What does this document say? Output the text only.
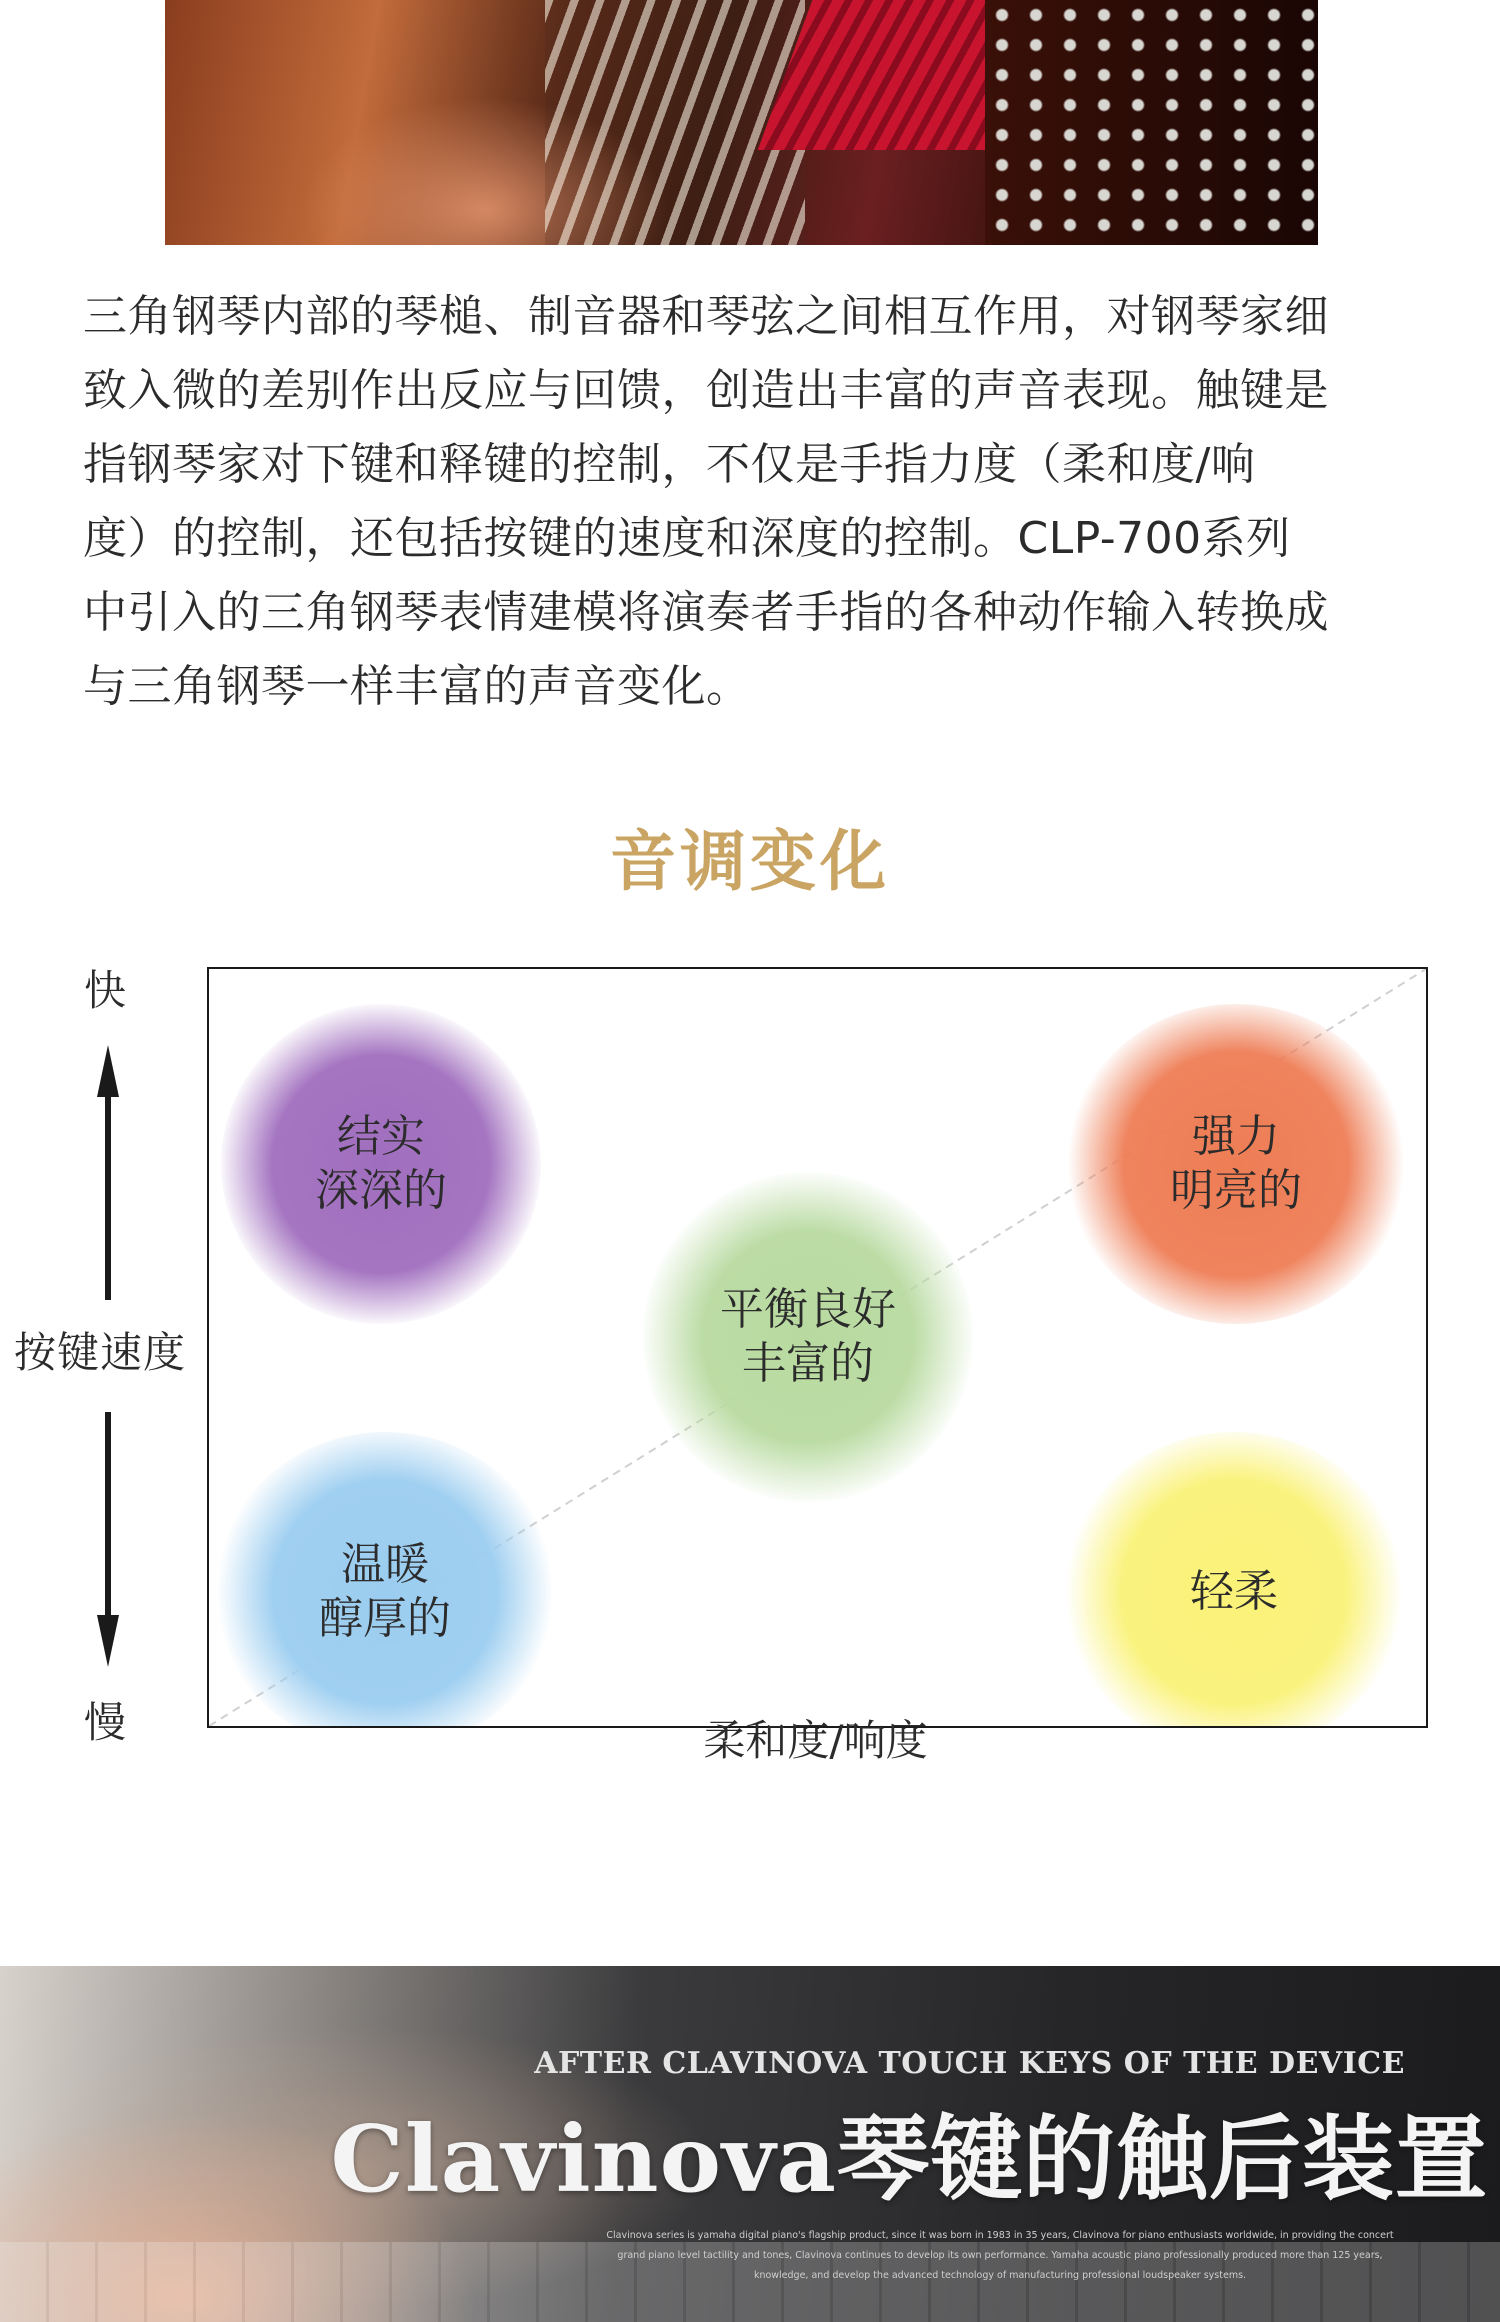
三角钢琴内部的琴槌、制音器和琴弦之间相互作用，对钢琴家细
致入微的差别作出反应与回馈，创造出丰富的声音表现。触键是
指钢琴家对下键和释键的控制，不仅是手指力度（柔和度/响
度）的控制，还包括按键的速度和深度的控制。CLP-700系列
中引入的三角钢琴表情建模将演奏者手指的各种动作输入转换成
与三角钢琴一样丰富的声音变化。

音调变化
快
按键速度
慢
结实
深深的
强力
明亮的
平衡良好
丰富的
温暖
醇厚的
轻柔
柔和度/响度
AFTER CLAVINOVA TOUCH KEYS OF THE DEVICE
Clavinova琴键的触后装置
Clavinova series is yamaha digital piano's flagship product, since it was born in 1983 in 35 years, Clavinova for piano enthusiasts worldwide, in providing the concert
grand piano level tactility and tones, Clavinova continues to develop its own performance. Yamaha acoustic piano professionally produced more than 125 years,
knowledge, and develop the advanced technology of manufacturing professional loudspeaker systems.
